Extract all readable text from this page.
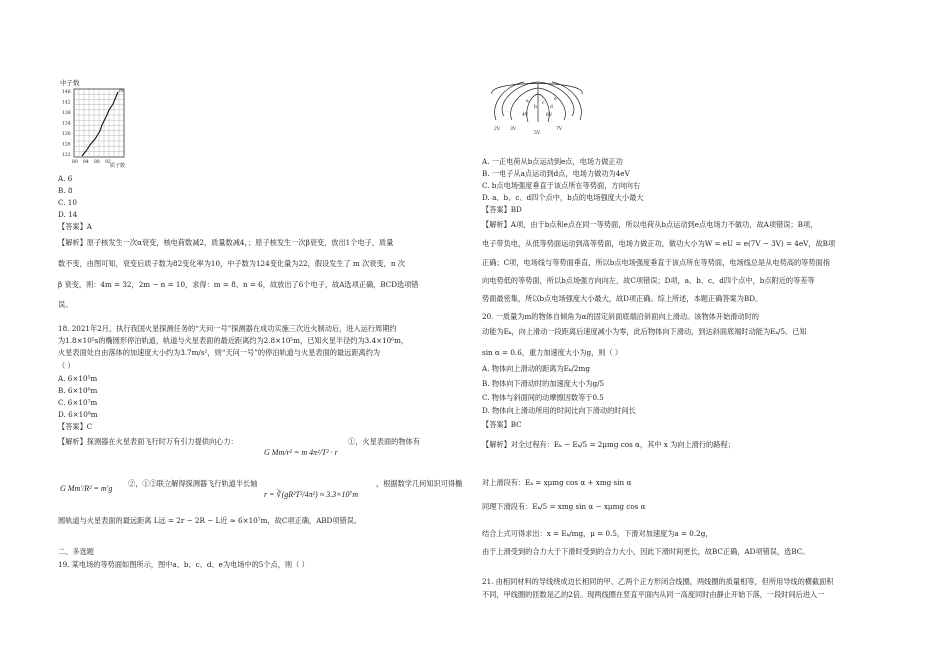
中子数
N
146
142
138
134
130
126
122
80 84 88 92
质子数
A. 6
B. 8
C. 10
D. 14
【答案】A
【解析】原子核发生一次α衰变，核电荷数减2，质量数减4，；原子核发生一次β衰变，放出1个电子，质量
数不变，由图可知，衰变后质子数为82变化率为10，中子数为124变化量为22，假设发生了 m 次衰变，n 次
β 衰变，则：4m = 32，2m − n = 10，求得：m = 8、n = 6，故放出了6个电子，故A选项正确，BCD选项错
误。
18. 2021年2月，执行我国火星探测任务的“天问一号”探测器在成功实施三次近火制动后，进入运行周期约
为1.8×10⁵s的椭圆形停泊轨道，轨道与火星表面的最近距离约为2.8×10⁵m，已知火星半径约为3.4×10⁶m，
火星表面处自由落体的加速度大小约为3.7m/s²，则“天问一号”的停泊轨道与火星表面的最远距离约为
（ ）
A. 6×10⁵m
B. 6×10⁶m
C. 6×10⁷m
D. 6×10⁸m
【答案】C
【解析】探测器在火星表面飞行时万有引力提供向心力：
G Mm/r² = m 4π²/T² · r
①，火星表面的物体有
G Mm′/R² = m′g
②，①②联立解得探测器飞行轨道半长轴
r = ∛(gR²T²/4π²) ≈ 3.3×10⁷m
，根据数学几何知识可得椭
圆轨道与火星表面的最远距离 L远 = 2r − 2R − L近 ≈ 6×10⁷m，故C项正确，ABD项错误。
二、多选题
19. 某电场的等势面如图所示，图中a、b、c、d、e为电场中的5个点，则（ ）
2V 3V
5V
7V
4V	6V
a
b
c
d
e
A. 一正电荷从b点运动到e点，电场力做正功
B. 一电子从a点运动到d点，电场力做功为4eV
C. b点电场强度垂直于该点所在等势面，方向向右
D. a、b、c、d四个点中，b点的电场强度大小最大
【答案】BD
【解析】A项，由于b点和e点在同一等势面，所以电荷从b点运动到e点电场力不做功，故A项错误；B项，
电子带负电，从低等势面运动到高等势面，电场力做正功，做功大小为W = eU = e(7V − 3V) = 4eV，故B项
正确；C项，电场线与等势面垂直，所以b点电场强度垂直于该点所在等势面，电场线总是从电势高的等势面指
向电势低的等势面，所以b点场强方向向左，故C项错误；D项，a、b、c、d四个点中，b点附近的等差等
势面最密集，所以b点电场强度大小最大，故D项正确。综上所述，本题正确答案为BD。
20. 一质量为m的物体自倾角为α的固定斜面底端沿斜面向上滑动。该物体开始滑动时的
动能为Eₖ，向上滑动一段距离后速度减小为零，此后物体向下滑动，到达斜面底端时动能为Eₖ/5。已知
sin α = 0.6，重力加速度大小为g，则（ ）
A. 物体向上滑动的距离为Eₖ/2mg
B. 物体向下滑动时的加速度大小为g/5
C. 物体与斜面间的动摩擦因数等于0.5
D. 物体向上滑动所用的时间比向下滑动的时间长
【答案】BC
【解析】对全过程有：Eₖ − Eₖ/5 = 2μmg cos α，其中 x 为向上滑行的路程；
对上滑段有：Eₖ = xμmg cos α + xmg sin α
同理下滑段有：Eₖ/5 = xmg sin α − xμmg cos α
结合上式可得求出：x = Eₖ/mg，μ = 0.5，下滑对加速度为a = 0.2g，
由于上滑受到的合力大于下滑时受到的合力大小，因此下滑时间更长，故BC正确，AD项错误，选BC。
21. 由相同材料的导线绕成边长相同的甲、乙两个正方形闭合线圈，两线圈的质量相等，但所用导线的横截面积
不同，甲线圈的匝数是乙的2倍。现两线圈在竖直平面内从同一高度同时由静止开始下落，一段时间后进入一
